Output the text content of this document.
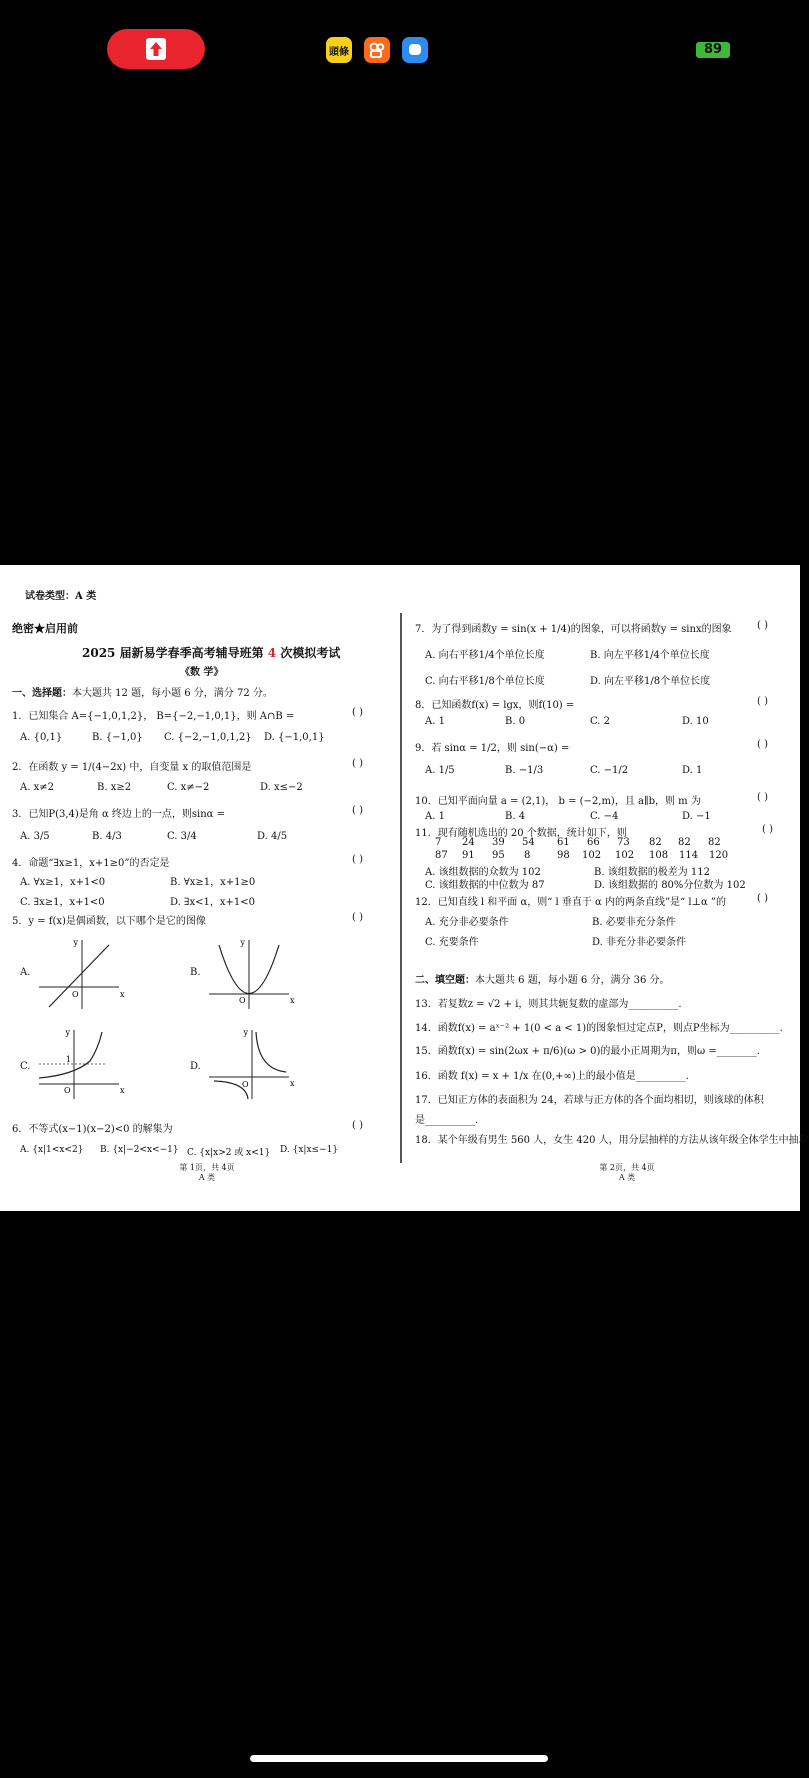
頭條	89
试卷类型：A 类
绝密★启用前
2025 届新易学春季高考辅导班第 4 次模拟考试
《数 学》
一、选择题：本大题共 12 题，每小题 6 分，满分 72 分。
1．已知集合 A={−1,0,1,2}， B={−2,−1,0,1}，则 A∩B =	( )
A. {0,1}	B. {−1,0} C. {−2,−1,0,1,2} D. {−1,0,1}
2．在函数 y = 1/(4−2x) 中，自变量 x 的取值范围是	( )
A. x≠2	B. x≥2	C. x≠−2	D. x≤−2
3．已知P(3,4)是角 α 终边上的一点，则sinα =	( )
A. 3/5	B. 4/3	C. 3/4	D. 4/5
4．命题“∃x≥1，x+1≥0”的否定是	( )
A. ∀x≥1，x+1<0	B. ∀x≥1，x+1≥0
C. ∃x≥1，x+1<0	D. ∃x<1，x+1<0
5．y = f(x)是偶函数，以下哪个是它的图像	( )
A.
y
x
O
B.
y
x
O
C.
y
x
O
1
D.
y
x
O
6．不等式(x−1)(x−2)<0 的解集为	( )
A. {x|1<x<2} B. {x|−2<x<−1} C. {x|x>2 或 x<1} D. {x|x≤−1}
第 1页，共 4页
A 类
7．为了得到函数y = sin(x + 1/4)的图象，可以将函数y = sinx的图象	( )
A. 向右平移1/4个单位长度	B. 向左平移1/4个单位长度
C. 向右平移1/8个单位长度	D. 向左平移1/8个单位长度
8．已知函数f(x) = lgx，则f(10) =	( )
A. 1	B. 0	C. 2	D. 10
9．若 sinα = 1/2，则 sin(−α) =	( )
A. 1/5	B. −1/3	C. −1/2	D. 1
10．已知平面向量 a = (2,1)， b = (−2,m)，且 a∥b，则 m 为	( )
A. 1	B. 4	C. −4	D. −1
11．现有随机选出的 20 个数据，统计如下，则	( )
7 24 39 54 61 66 73 82 82 82
87 91 95 8	98 102 102 108 114 120
A. 该组数据的众数为 102	B. 该组数据的极差为 112
C. 该组数据的中位数为 87	D. 该组数据的 80%分位数为 102
12．已知直线 l 和平面 α，则“ l 垂直于 α 内的两条直线”是“ l⊥α ”的	( )
A. 充分非必要条件	B. 必要非充分条件
C. 充要条件	D. 非充分非必要条件
二、填空题：本大题共 6 题，每小题 6 分，满分 36 分。
13．若复数z = √2 + i，则其共轭复数的虚部为__________.
14．函数f(x) = aˣ⁻² + 1(0 < a < 1)的图象恒过定点P，则点P坐标为__________.
15．函数f(x) = sin(2ωx + π/6)(ω > 0)的最小正周期为π，则ω =________.
16．函数 f(x) = x + 1/x 在(0,+∞)上的最小值是__________.
17．已知正方体的表面积为 24，若球与正方体的各个面均相切，则该球的体积
是__________.
18．某个年级有男生 560 人，女生 420 人，用分层抽样的方法从该年级全体学生中抽取
第 2页，共 4页
A 类
